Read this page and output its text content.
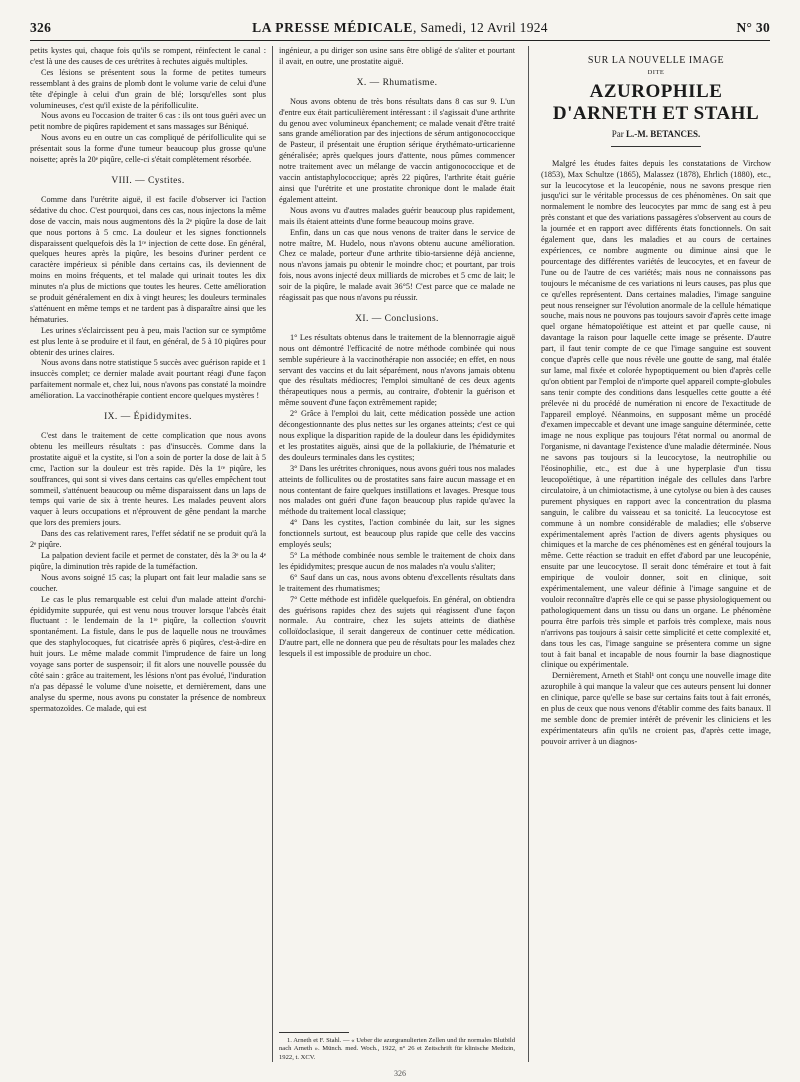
326	LA PRESSE MÉDICALE, Samedi, 12 Avril 1924	N° 30

petits kystes qui, chaque fois qu'ils se rompent, réinfectent le canal : c'est là une des causes de ces urétrites à rechutes aiguës multiples.

Ces lésions se présentent sous la forme de petites tumeurs ressemblant à des grains de plomb dont le volume varie de celui d'une tête d'épingle à celui d'un grain de blé; lorsqu'elles sont plus volumineuses, c'est qu'il existe de la périfolliculite.

Nous avons eu l'occasion de traiter 6 cas : ils ont tous guéri avec un petit nombre de piqûres rapidement et sans massages sur Béniqué.

Nous avons eu en outre un cas compliqué de périfolliculite qui se présentait sous la forme d'une tumeur beaucoup plus grosse qu'une noisette; après la 20ᵉ piqûre, celle-ci s'était complètement résorbée.

VIII. — Cystites.

Comme dans l'urétrite aiguë, il est facile d'observer ici l'action sédative du choc. C'est pourquoi, dans ces cas, nous injectons la même dose de vaccin, mais nous augmentons dès la 2ᵉ piqûre la dose de lait que nous portons à 5 cmc. La douleur et les signes fonctionnels disparaissent quelquefois dès la 1ʳᵉ injection de cette dose. En général, quelques heures après la piqûre, les besoins d'uriner perdent ce caractère impérieux si pénible dans certains cas, ils deviennent de moins en moins fréquents, et tel malade qui urinait toutes les dix minutes n'a plus de mictions que toutes les heures. Cette amélioration se produit généralement en dix à vingt heures; les douleurs terminales s'atténuent en même temps et ne tardent pas à disparaître ainsi que les hématuries.

Les urines s'éclaircissent peu à peu, mais l'action sur ce symptôme est plus lente à se produire et il faut, en général, de 5 à 10 piqûres pour obtenir des urines claires.

Nous avons dans notre statistique 5 succès avec guérison rapide et 1 insuccès complet; ce dernier malade avait pourtant réagi d'une façon parfaitement normale et, chez lui, nous n'avons pas constaté la moindre amélioration. La vaccinothérapie contient encore quelques mystères !

IX. — Épididymites.

C'est dans le traitement de cette complication que nous avons obtenu les meilleurs résultats : pas d'insuccès. Comme dans la prostatite aiguë et la cystite, si l'on a soin de porter la dose de lait à 5 cmc, l'action sur la douleur est très rapide. Dès la 1ʳᵉ piqûre, les souffrances, qui sont si vives dans certains cas qu'elles empêchent tout sommeil, s'atténuent beaucoup ou même disparaissent dans un laps de temps qui varie de six à trente heures. Les malades peuvent alors vaquer à leurs occupations et n'éprouvent de gêne pendant la marche que lors des premiers jours.

Dans des cas relativement rares, l'effet sédatif ne se produit qu'à la 2ᵉ piqûre.

La palpation devient facile et permet de constater, dès la 3ᵉ ou la 4ᵉ piqûre, la diminution très rapide de la tuméfaction.

Nous avons soigné 15 cas; la plupart ont fait leur maladie sans se coucher.

Le cas le plus remarquable est celui d'un malade atteint d'orchi-épididymite suppurée, qui est venu nous trouver lorsque l'abcès était fluctuant : le lendemain de la 1ʳᵉ piqûre, la collection s'ouvrit spontanément. La fistule, dans le pus de laquelle nous ne trouvâmes que des staphylocoques, fut cicatrisée après 6 piqûres, c'est-à-dire en huit jours. Le même malade commit l'imprudence de faire un long voyage sans porter de suspensoir; il fit alors une nouvelle poussée du côté sain : grâce au traitement, les lésions n'ont pas évolué, l'induration n'a pas dépassé le volume d'une noisette, et dernièrement, dans une analyse du sperme, nous avons pu constater la présence de nombreux spermatozoïdes. Ce malade, qui est

ingénieur, a pu diriger son usine sans être obligé de s'aliter et pourtant il avait, en outre, une prostatite aiguë.

X. — Rhumatisme.

Nous avons obtenu de très bons résultats dans 8 cas sur 9. L'un d'entre eux était particulièrement intéressant : il s'agissait d'une arthrite du genou avec volumineux épanchement; ce malade venait d'être traité sans grande amélioration par des injections de sérum antigonococcique de Pasteur, il présentait une éruption sérique érythémato-urticarienne généralisée; après quelques jours d'attente, nous pûmes commencer notre traitement avec un mélange de vaccin antigonococcique et de vaccin antistaphylococcique; après 22 piqûres, l'arthrite était guérie ainsi que l'urétrite et une prostatite chronique dont le malade était également atteint.

Nous avons vu d'autres malades guérir beaucoup plus rapidement, mais ils étaient atteints d'une forme beaucoup moins grave.

Enfin, dans un cas que nous venons de traiter dans le service de notre maître, M. Hudelo, nous n'avons obtenu aucune amélioration. Chez ce malade, porteur d'une arthrite tibio-tarsienne déjà ancienne, nous n'avons jamais pu obtenir le moindre choc; et pourtant, par trois fois, nous avons injecté deux milliards de microbes et 5 cmc de lait; le soir de la piqûre, le malade avait 36°5! C'est parce que ce malade ne réagissait pas que nous n'avons pu réussir.

XI. — Conclusions.

1° Les résultats obtenus dans le traitement de la blennorragie aiguë nous ont démontré l'efficacité de notre méthode combinée qui nous semble supérieure à la vaccinothérapie non associée; en effet, en nous servant des vaccins et du lait séparément, nous n'avons jamais obtenu que des résultats médiocres; l'emploi simultané de ces deux agents thérapeutiques nous a permis, au contraire, d'obtenir la guérison et même souvent d'une façon extrêmement rapide;

2° Grâce à l'emploi du lait, cette médication possède une action décongestionnante des plus nettes sur les organes atteints; c'est ce qui nous explique la disparition rapide de la douleur dans les épididymites et les prostatites aiguës, ainsi que de la pollakiurie, de l'hématurie et des douleurs terminales dans les cystites;

3° Dans les urétrites chroniques, nous avons guéri tous nos malades atteints de folliculites ou de prostatites sans faire aucun massage et en nous contentant de faire quelques instillations et lavages. Presque tous nos malades ont guéri d'une façon beaucoup plus rapide qu'avec la méthode du traitement local classique;

4° Dans les cystites, l'action combinée du lait, sur les signes fonctionnels surtout, est beaucoup plus rapide que celle des vaccins employés seuls;

5° La méthode combinée nous semble le traitement de choix dans les épididymites; presque aucun de nos malades n'a voulu s'aliter;

6° Sauf dans un cas, nous avons obtenu d'excellents résultats dans le traitement des rhumatismes;

7° Cette méthode est infidèle quelquefois. En général, on obtiendra des guérisons rapides chez des sujets qui réagissent d'une façon normale. Au contraire, chez les sujets atteints de diathèse colloïdoclasique, il serait dangereux de continuer cette médication. D'autre part, elle ne donnera que peu de résultats pour les malades chez lesquels il est impossible de produire un choc.

1. Arneth et F. Stahl. — « Ueber die azurgranulierten Zellen und ihr normales Blutbild nach Arneth ». Münch. med. Woch., 1922, n° 26 et Zeitschrift für klinische Medizin, 1922, t. XCV.

SUR LA NOUVELLE IMAGE
DITE
AZUROPHILE
D'ARNETH ET STAHL
Par L.-M. BETANCES.

Malgré les études faites depuis les constatations de Virchow (1853), Max Schultze (1865), Malassez (1878), Ehrlich (1880), etc., sur la leucocytose et la leucopénie, nous ne savons presque rien jusqu'ici sur le véritable processus de ces phénomènes. On sait que normalement le nombre des leucocytes par mmc de sang est à peu près constant et que des variations passagères s'observent au cours de la journée et en rapport avec différents états fonctionnels. On sait également que, dans les maladies et au cours de certaines expériences, ce nombre augmente ou diminue ainsi que le pourcentage des différentes variétés de leucocytes, et en faveur de l'une ou de l'autre de ces variétés; mais nous ne connaissons pas toujours le mécanisme de ces variations ni leurs causes, pas plus que ce qu'elles représentent. Dans certaines maladies, l'image sanguine peut nous renseigner sur l'évolution anormale de la cellule hématique souche, mais nous ne pouvons pas toujours savoir d'après cette image quel organe hématopoïétique est atteint et par quelle cause, ni davantage la raison pour laquelle cette image se présente. D'autre part, il faut tenir compte de ce que l'image sanguine est souvent conçue d'après celle que nous révèle une goutte de sang, mal étalée sur lame, mal fixée et colorée hypoptiquement ou bien d'après celle qu'on obtient par l'emploi de n'importe quel appareil compte-globules sans tenir compte des conditions dans lesquelles cette goutte a été prélevée ni du procédé de numération ni encore de l'exactitude de l'appareil employé. Néanmoins, en supposant même un procédé d'examen impeccable et devant une image sanguine déterminée, cette image ne nous explique pas toujours l'état normal ou anormal de l'organisme, ni davantage l'existence d'une maladie déterminée. Nous ne savons pas toujours si la leucocytose, la neutrophilie ou l'éosinophilie, etc., est due à une hyperplasie d'un tissu leucopoïétique, à une répartition inégale des cellules dans l'arbre circulatoire, à un chimiotactisme, à une cytolyse ou bien à des causes purement physiques en rapport avec la concentration du plasma sanguin, le calibre du vaisseau et sa tonicité. La leucocytose est commune à un nombre considérable de maladies; elle s'observe expérimentalement après l'action de divers agents physiques ou chimiques et la marche de ces phénomènes est en général toujours la même. Cette réaction se traduit en effet d'abord par une leucopénie, ensuite par une leucocytose. Il serait donc téméraire et tout à fait empirique de vouloir donner, soit en clinique, soit expérimentalement, une valeur définie à l'image sanguine et de vouloir reconnaître d'après elle ce qui se passe physiologiquement ou pathologiquement dans un tissu ou dans un organe. Le phénomène pourra être parfois très simple et parfois très complexe, mais nous n'arrivons pas toujours à saisir cette simplicité et cette complexité et, dans tous les cas, l'image sanguine se présentera comme un signe tout à fait banal et incapable de nous fournir la base diagnostique clinique ou expérimentale.

Dernièrement, Arneth et Stahl¹ ont conçu une nouvelle image dite azurophile à qui manque la valeur que ces auteurs pensent lui donner en clinique, parce qu'elle se base sur certains faits tout à fait erronés, en plus de ceux que nous venons d'établir comme des faits banaux. Il me semble donc de premier intérêt de prévenir les cliniciens et les expérimentateurs afin qu'ils ne croient pas, d'après cette image, pouvoir arriver à un diagnos-

326
